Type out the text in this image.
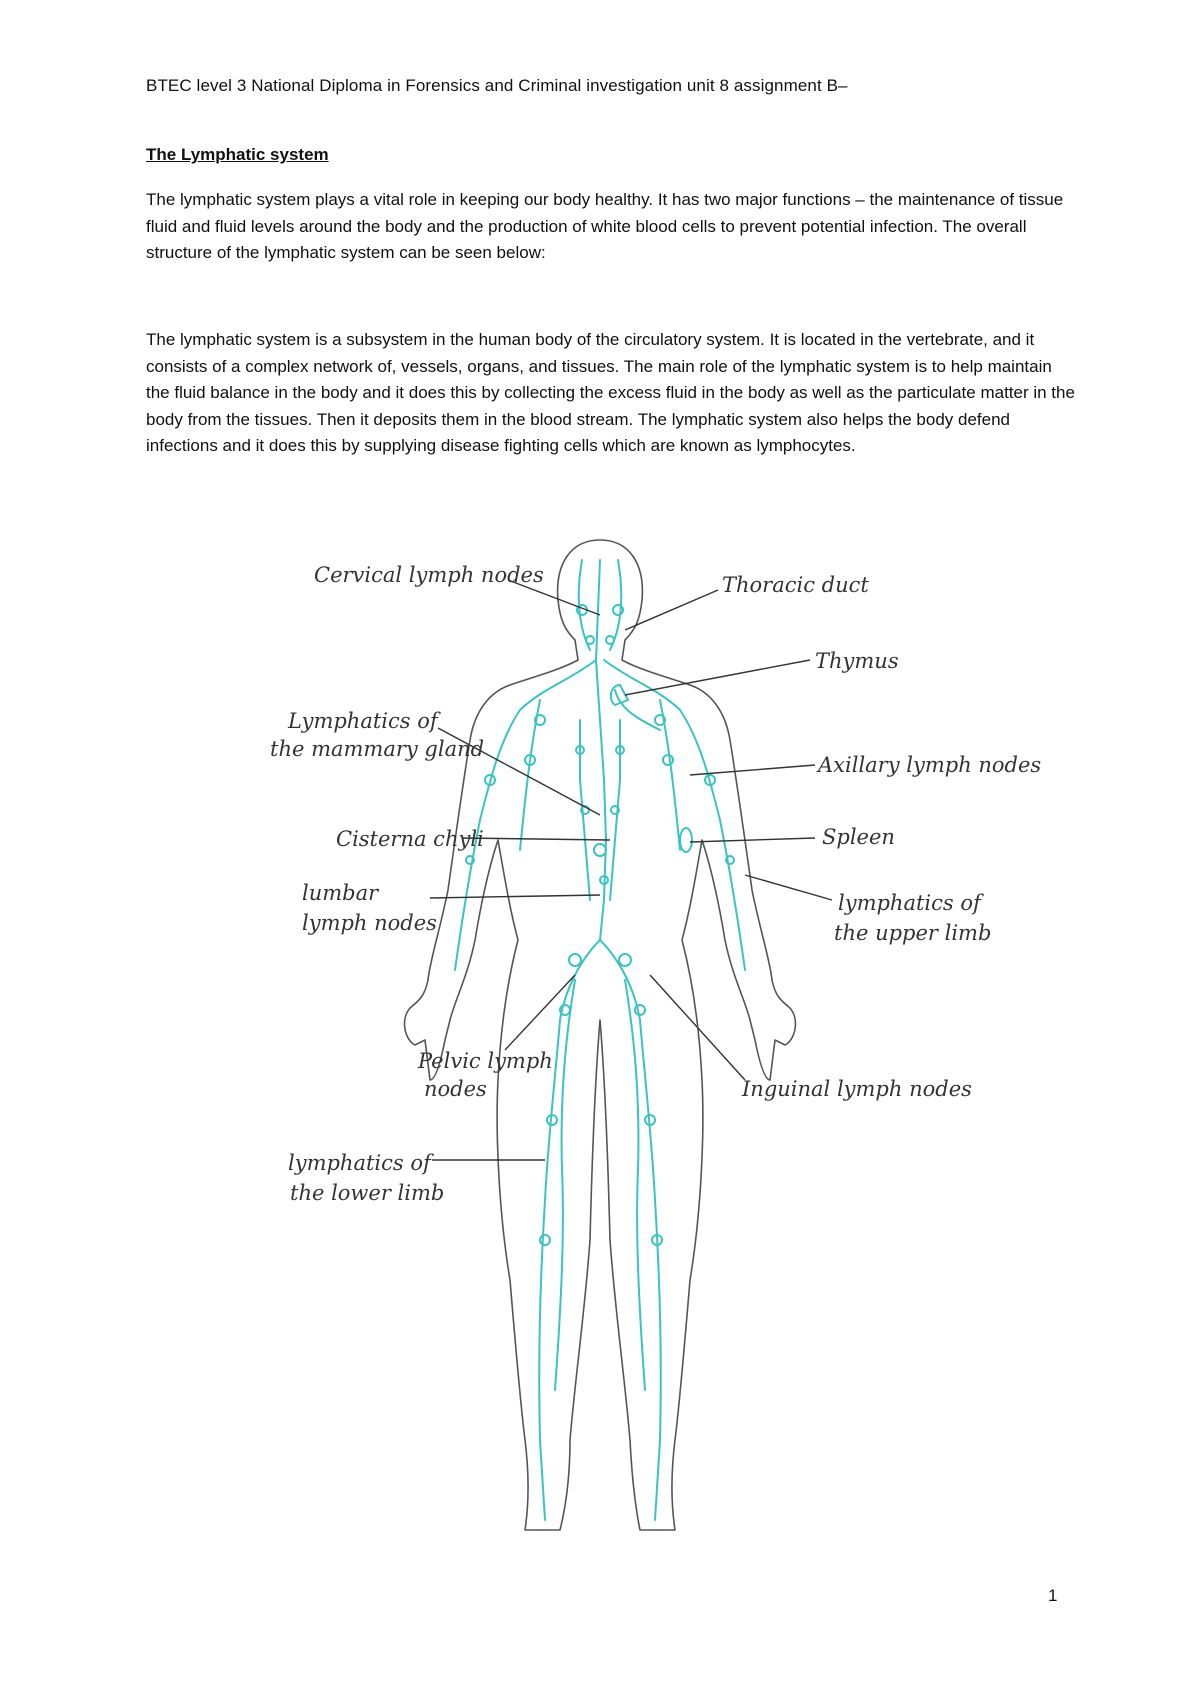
BTEC level 3 National Diploma in Forensics and Criminal investigation unit 8 assignment B–
The Lymphatic system
The lymphatic system plays a vital role in keeping our body healthy. It has two major functions – the maintenance of tissue fluid and fluid levels around the body and the production of white blood cells to prevent potential infection. The overall structure of the lymphatic system can be seen below:
The lymphatic system is a subsystem in the human body of the circulatory system. It is located in the vertebrate, and it consists of a complex network of, vessels, organs, and tissues. The main role of the lymphatic system is to help maintain the fluid balance in the body and it does this by collecting the excess fluid in the body as well as the particulate matter in the body from the tissues. Then it deposits them in the blood stream. The lymphatic system also helps the body defend infections and it does this by supplying disease fighting cells which are known as lymphocytes.
Cervical lymph nodes	Thoracic duct
Thymus
Lymphatics of
the mammary gland
Axillary lymph nodes
Cisterna chyli	Spleen
lumbar
lymph nodes
lymphatics of
the upper limb
Pelvic lymph
nodes	Inguinal lymph nodes
lymphatics of
the lower limb
1
